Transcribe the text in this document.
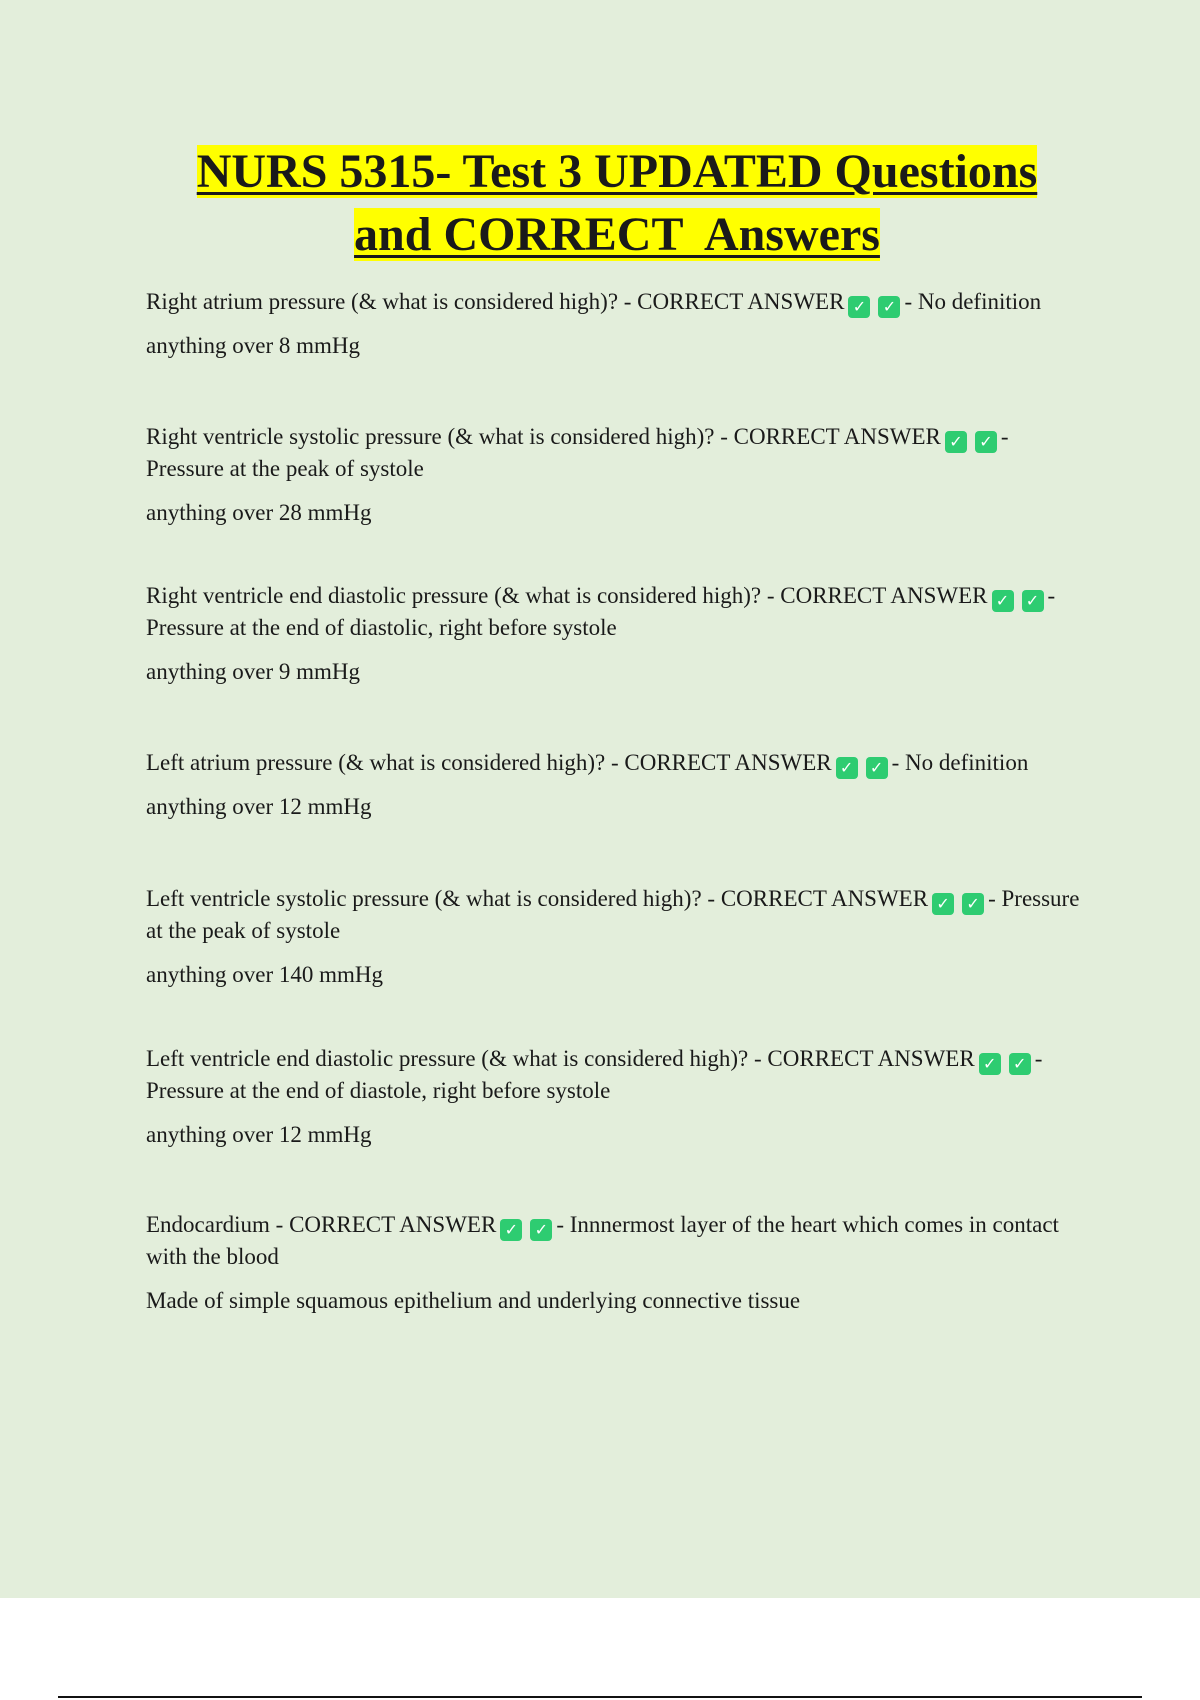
NURS 5315- Test 3 UPDATED Questions
and CORRECT  Answers

Right atrium pressure (& what is considered high)? - CORRECT ANSWER ✓ ✓ - No definition

anything over 8 mmHg

Right ventricle systolic pressure (& what is considered high)? - CORRECT ANSWER ✓ ✓ - Pressure at the peak of systole

anything over 28 mmHg

Right ventricle end diastolic pressure (& what is considered high)? - CORRECT ANSWER ✓ ✓ - Pressure at the end of diastolic, right before systole

anything over 9 mmHg

Left atrium pressure (& what is considered high)? - CORRECT ANSWER ✓ ✓ - No definition

anything over 12 mmHg

Left ventricle systolic pressure (& what is considered high)? - CORRECT ANSWER ✓ ✓ - Pressure at the peak of systole

anything over 140 mmHg

Left ventricle end diastolic pressure (& what is considered high)? - CORRECT ANSWER ✓ ✓ - Pressure at the end of diastole, right before systole

anything over 12 mmHg

Endocardium - CORRECT ANSWER ✓ ✓ - Innnermost layer of the heart which comes in contact with the blood

Made of simple squamous epithelium and underlying connective tissue
